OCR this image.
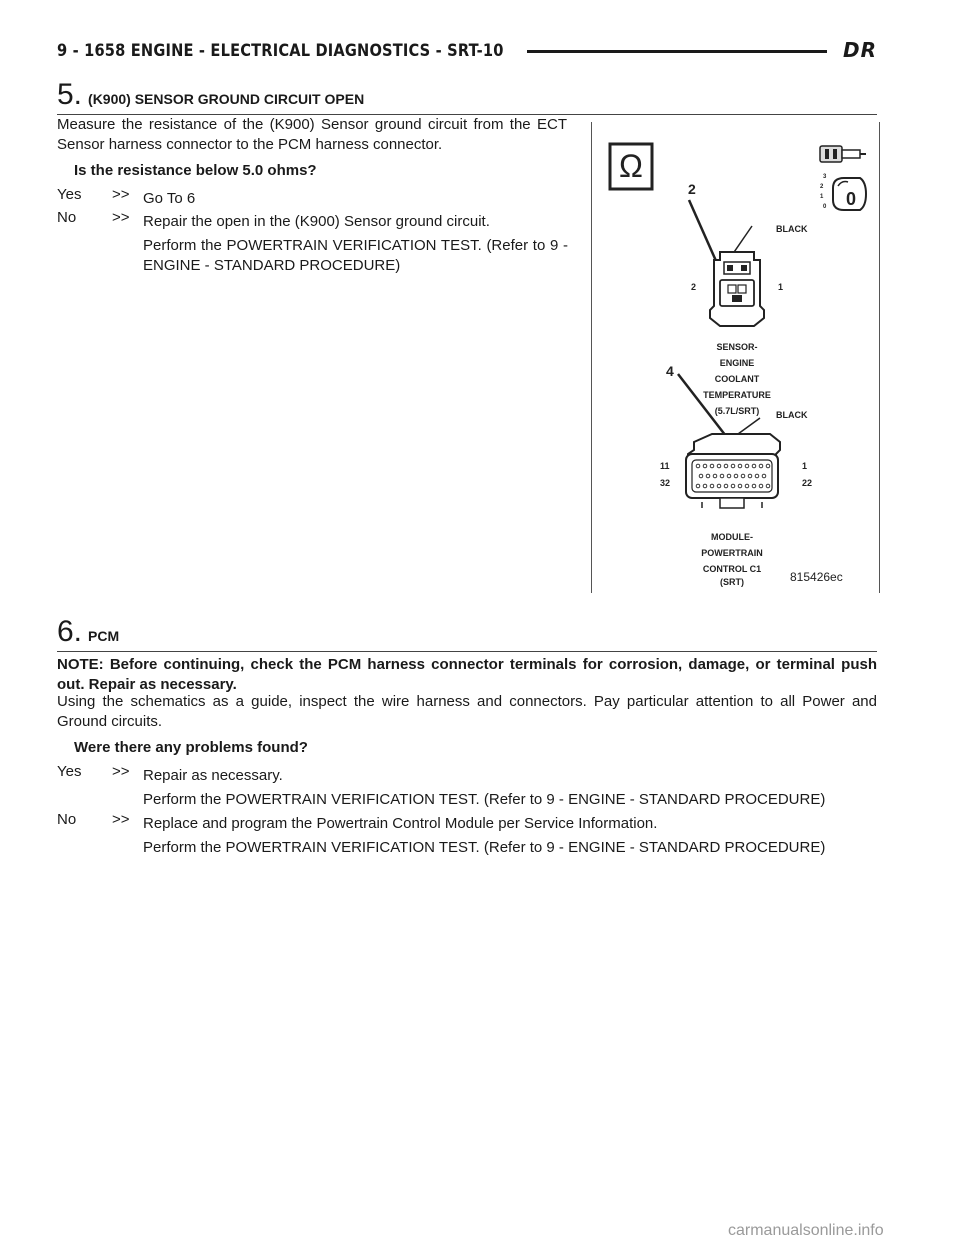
9 - 1658 ENGINE - ELECTRICAL DIAGNOSTICS - SRT-10	DR
5. (K900) SENSOR GROUND CIRCUIT OPEN
Measure the resistance of the (K900) Sensor ground circuit from the ECT Sensor harness connector to the PCM harness connector.
Is the resistance below 5.0 ohms?
Yes >> Go To 6
No >> Repair the open in the (K900) Sensor ground circuit.
Perform the POWERTRAIN VERIFICATION TEST. (Refer to 9 - ENGINE - STANDARD PROCEDURE)
Ω	3
2
1
0 0
2
BLACK
2	1
SENSOR-
ENGINE
COOLANT
TEMPERATURE
(5.7L/SRT)
4
BLACK
11
32
1
22
MODULE-
POWERTRAIN
CONTROL C1
(SRT)	815426ec
6. PCM
NOTE: Before continuing, check the PCM harness connector terminals for corrosion, damage, or terminal push out. Repair as necessary.
Using the schematics as a guide, inspect the wire harness and connectors. Pay particular attention to all Power and Ground circuits.
Were there any problems found?
Yes >> Repair as necessary.
Perform the POWERTRAIN VERIFICATION TEST. (Refer to 9 - ENGINE - STANDARD PROCEDURE)
No >> Replace and program the Powertrain Control Module per Service Information.
Perform the POWERTRAIN VERIFICATION TEST. (Refer to 9 - ENGINE - STANDARD PROCEDURE)
carmanualsonline.info
